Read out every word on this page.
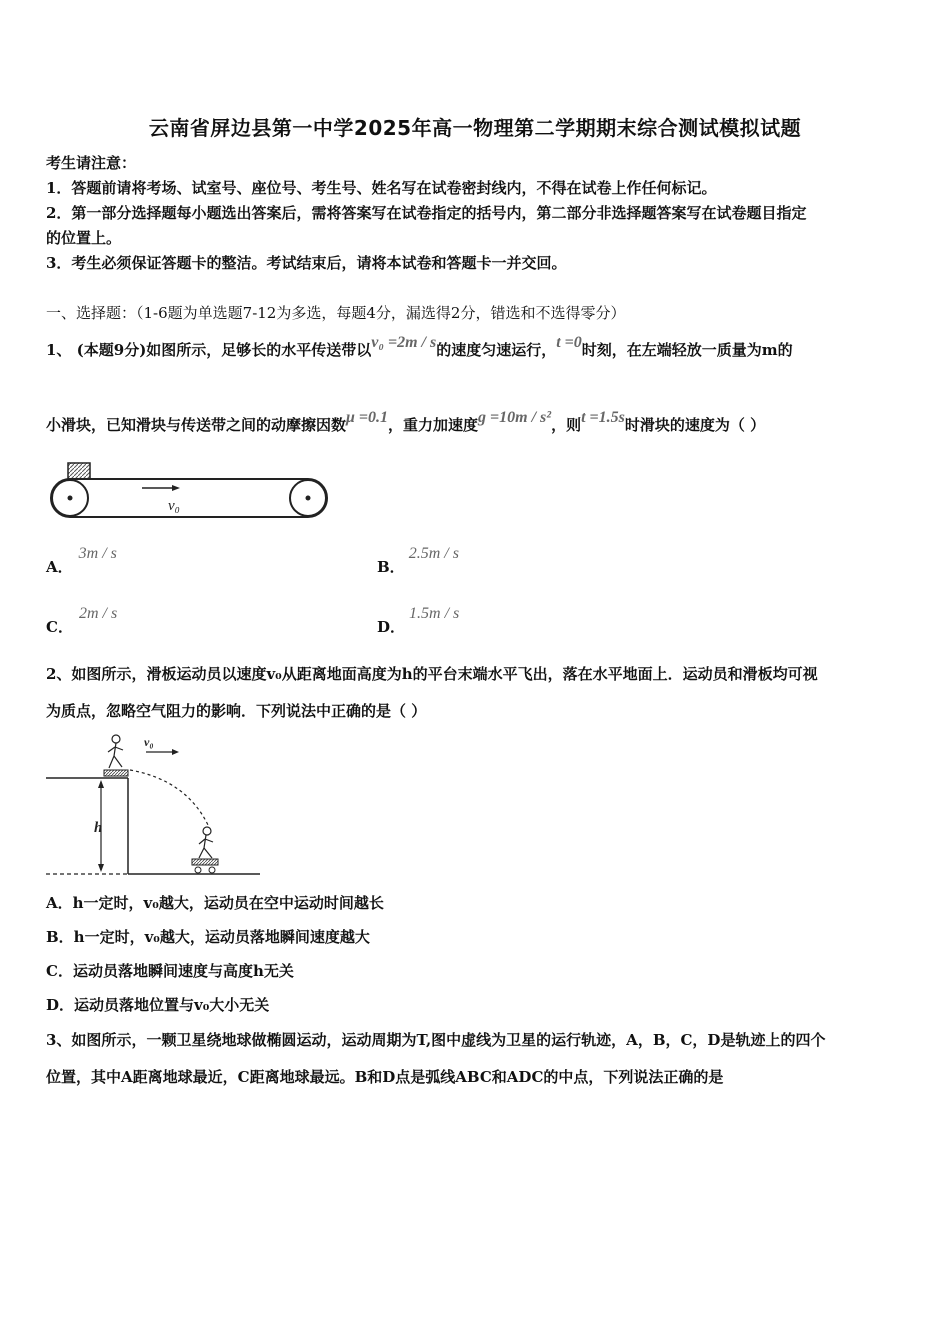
云南省屏边县第一中学2025年高一物理第二学期期末综合测试模拟试题
考生请注意：
1．答题前请将考场、试室号、座位号、考生号、姓名写在试卷密封线内，不得在试卷上作任何标记。
2．第一部分选择题每小题选出答案后，需将答案写在试卷指定的括号内，第二部分非选择题答案写在试卷题目指定
的位置上。
3．考生必须保证答题卡的整洁。考试结束后，请将本试卷和答题卡一并交回。
一、选择题：（1-6题为单选题7-12为多选，每题4分，漏选得2分，错选和不选得零分）
1、 (本题9分)如图所示，足够长的水平传送带以v₀ =2m / s的速度匀速运行，t =0时刻，在左端轻放一质量为m的
小滑块，已知滑块与传送带之间的动摩擦因数μ =0.1，重力加速度g =10m / s²，则t =1.5s时滑块的速度为（ ）
v₀
A．3m / s
B．2.5m / s
C．2m / s
D．1.5m / s
2、如图所示，滑板运动员以速度v₀从距离地面高度为h的平台末端水平飞出，落在水平地面上．运动员和滑板均可视
为质点，忽略空气阻力的影响．下列说法中正确的是（ ）
h
v₀
A．h一定时，v₀越大，运动员在空中运动时间越长
B．h一定时，v₀越大，运动员落地瞬间速度越大
C．运动员落地瞬间速度与高度h无关
D．运动员落地位置与v₀大小无关
3、如图所示，一颗卫星绕地球做椭圆运动，运动周期为T,图中虚线为卫星的运行轨迹，A，B，C，D是轨迹上的四个
位置，其中A距离地球最近，C距离地球最远。B和D点是弧线ABC和ADC的中点，下列说法正确的是
